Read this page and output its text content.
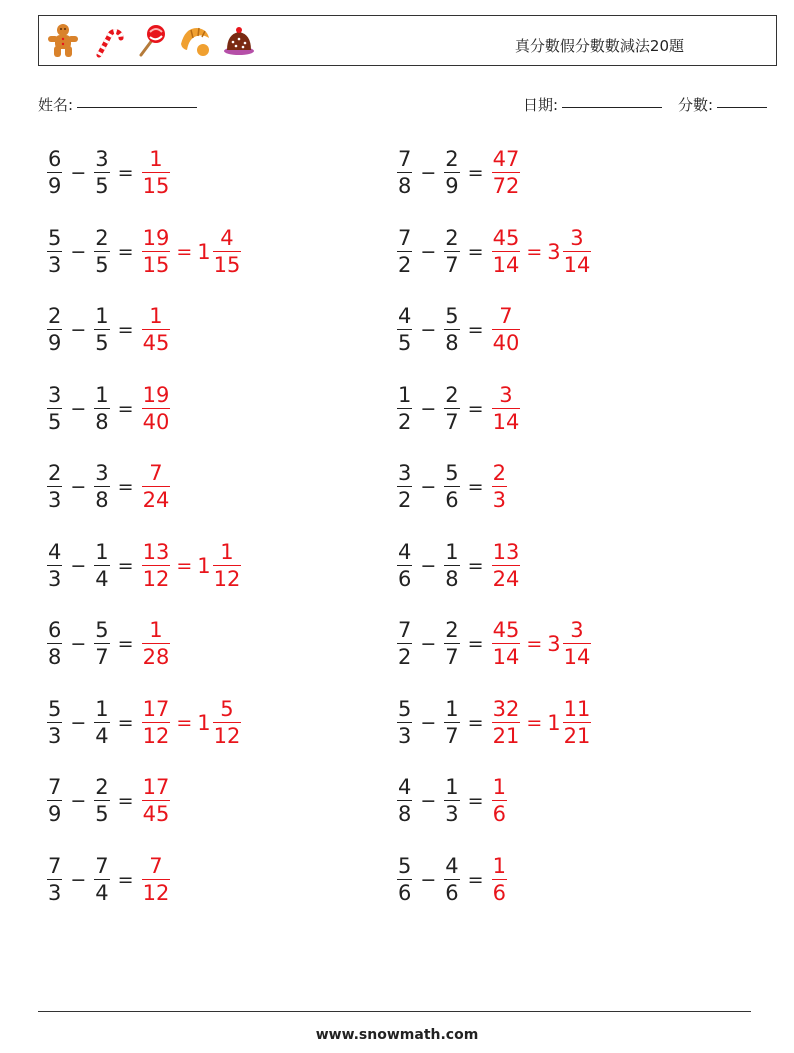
真分數假分數數減法20題
姓名:	日期:	分數:
$\frac{6}{9} - \frac{3}{5} = \frac{1}{15}$
$\frac{5}{3} - \frac{2}{5} = \frac{19}{15} = 1 \frac{4}{15}$
$\frac{2}{9} - \frac{1}{5} = \frac{1}{45}$
$\frac{3}{5} - \frac{1}{8} = \frac{19}{40}$
$\frac{2}{3} - \frac{3}{8} = \frac{7}{24}$
$\frac{4}{3} - \frac{1}{4} = \frac{13}{12} = 1 \frac{1}{12}$
$\frac{6}{8} - \frac{5}{7} = \frac{1}{28}$
$\frac{5}{3} - \frac{1}{4} = \frac{17}{12} = 1 \frac{5}{12}$
$\frac{7}{9} - \frac{2}{5} = \frac{17}{45}$
$\frac{7}{3} - \frac{7}{4} = \frac{7}{12}$
$\frac{7}{8} - \frac{2}{9} = \frac{47}{72}$
$\frac{7}{2} - \frac{2}{7} = \frac{45}{14} = 3 \frac{3}{14}$
$\frac{4}{5} - \frac{5}{8} = \frac{7}{40}$
$\frac{1}{2} - \frac{2}{7} = \frac{3}{14}$
$\frac{3}{2} - \frac{5}{6} = \frac{2}{3}$
$\frac{4}{6} - \frac{1}{8} = \frac{13}{24}$
$\frac{7}{2} - \frac{2}{7} = \frac{45}{14} = 3 \frac{3}{14}$
$\frac{5}{3} - \frac{1}{7} = \frac{32}{21} = 1 \frac{11}{21}$
$\frac{4}{8} - \frac{1}{3} = \frac{1}{6}$
$\frac{5}{6} - \frac{4}{6} = \frac{1}{6}$
www.snowmath.com
